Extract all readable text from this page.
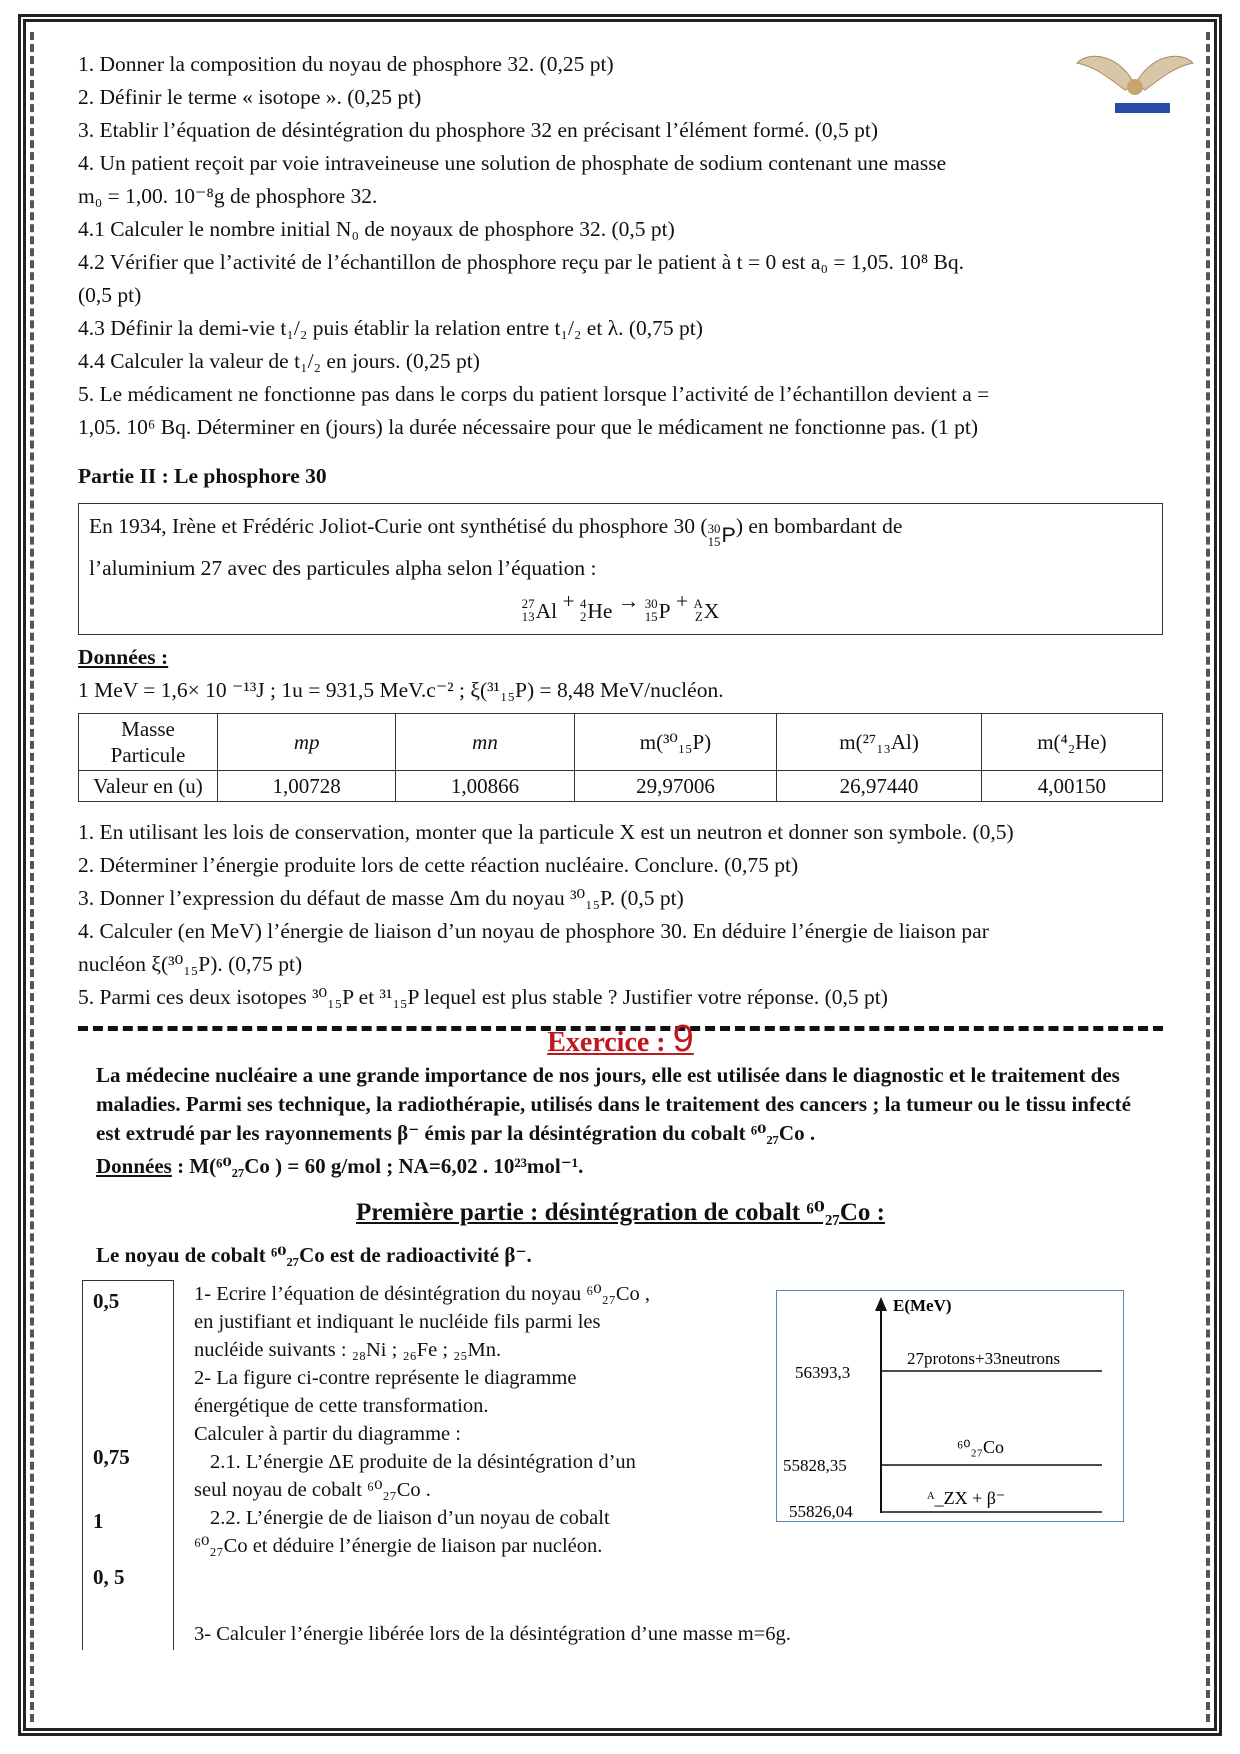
1. Donner la composition du noyau de phosphore 32. (0,25 pt)

2. Définir le terme « isotope ». (0,25 pt)

3. Etablir l’équation de désintégration du phosphore 32 en précisant l’élément formé. (0,5 pt)

4. Un patient reçoit par voie intraveineuse une solution de phosphate de sodium contenant une masse

m₀ = 1,00. 10⁻⁸g de phosphore 32.

4.1 Calculer le nombre initial N₀ de noyaux de phosphore 32. (0,5 pt)

4.2 Vérifier que l’activité de l’échantillon de phosphore reçu par le patient à t = 0 est a₀ = 1,05. 10⁸ Bq.

(0,5 pt)

4.3 Définir la demi-vie t₁/₂ puis établir la relation entre t₁/₂ et λ. (0,75 pt)

4.4 Calculer la valeur de t₁/₂ en jours. (0,25 pt)

5. Le médicament ne fonctionne pas dans le corps du patient lorsque l’activité de l’échantillon devient a =

1,05. 10⁶ Bq. Déterminer en (jours) la durée nécessaire pour que le médicament ne fonctionne pas. (1 pt)

Partie II : Le phosphore 30

En 1934, Irène et Frédéric Joliot-Curie ont synthétisé du phosphore 30 ( 30
15 P ) en bombardant de
l’aluminium 27 avec des particules alpha selon l’équation :
27
13 Al + 4
2 He → 30
15 P + A
Z X
Données :
1 MeV = 1,6× 10 ⁻¹³J ; 1u = 931,5 MeV.c⁻² ; ξ(³¹₁₅P) = 8,48 MeV/nucléon.
Masse Particule	mp	mn	m(³⁰₁₅P)	m(²⁷₁₃Al)	m(⁴₂He)
Valeur en (u)	1,00728	1,00866	29,97006	26,97440	4,00150

1. En utilisant les lois de conservation, monter que la particule X est un neutron et donner son symbole. (0,5)

2. Déterminer l’énergie produite lors de cette réaction nucléaire. Conclure. (0,75 pt)

3. Donner l’expression du défaut de masse Δm du noyau ³⁰₁₅P. (0,5 pt)

4. Calculer (en MeV) l’énergie de liaison d’un noyau de phosphore 30. En déduire l’énergie de liaison par

nucléon ξ(³⁰₁₅P). (0,75 pt)

5. Parmi ces deux isotopes ³⁰₁₅P et ³¹₁₅P lequel est plus stable ? Justifier votre réponse. (0,5 pt)

Exercice : 9
La médecine nucléaire a une grande importance de nos jours, elle est utilisée dans le diagnostic et le traitement des maladies. Parmi ses technique, la radiothérapie, utilisés dans le traitement des cancers ; la tumeur ou le tissu infecté est extrudé par les rayonnements β⁻ émis par la désintégration du cobalt ⁶⁰₂₇Co .
Données : M(⁶⁰₂₇Co ) = 60 g/mol ; NA=6,02 . 10²³mol⁻¹.
Première partie : désintégration de cobalt ⁶⁰₂₇Co :
Le noyau de cobalt ⁶⁰₂₇Co est de radioactivité β⁻.
0,5
0,75
1
0, 5
1- Ecrire l’équation de désintégration du noyau ⁶⁰₂₇Co ,
en justifiant et indiquant le nucléide fils parmi les
nucléide suivants : ₂₈Ni ; ₂₆Fe ; ₂₅Mn.
2- La figure ci-contre représente le diagramme
énergétique de cette transformation.
Calculer à partir du diagramme :
2.1. L’énergie ΔE produite de la désintégration d’un
seul noyau de cobalt ⁶⁰₂₇Co .
2.2. L’énergie de de liaison d’un noyau de cobalt
⁶⁰₂₇Co et déduire l’énergie de liaison par nucléon.
3- Calculer l’énergie libérée lors de la désintégration d’une masse m=6g.
E(MeV)
56393,3
27protons+33neutrons
55828,35
⁶⁰₂₇Co
55826,04
ᴬ_ZX + β⁻
